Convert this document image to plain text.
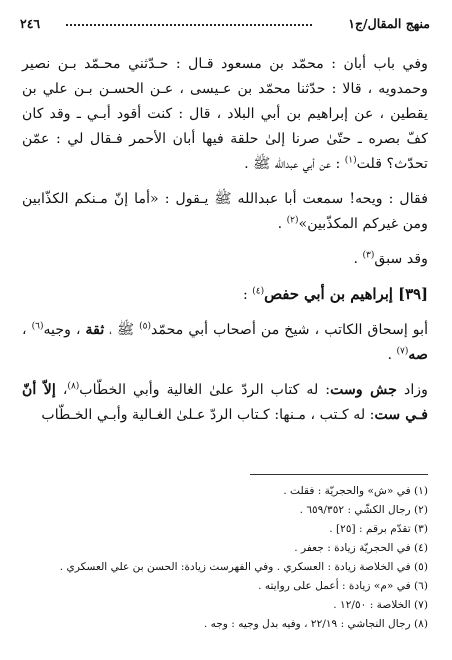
منهج المقال/ج١
٢٤٦

وفي باب أبان : محمّد بن مسعود قـال : حـدّثني محـمّد بـن نصير وحمدويه ، قالا : حدّثنا محمّد بن عـيسى ، عـن الحسـن بـن علي بن يقطين ، عن إبراهيم بن أبي البلاد ، قال : كنت أقود أبـي ـ وقد كان كفّ بصره ـ حتّىٰ صرنا إلىٰ حلقة فيها أبان الأحمر فـقال لي : عمّن تحدّث؟ قلت$^{(١)}$ : عن أبي عبدالله ﷺ .

فقال : ويحه! سمعت أبا عبدالله ﷺ يـقول : «أما إنّ مـنكم الكذّابين ومن غيركم المكذّبين»$^{(٢)}$ .

وقد سبق$^{(٣)}$ .

[٣٩] إبراهيم بن أبي حفص$^{(٤)}$ :

أبو إسحاق الكاتب ، شيخ من أصحاب أبي محمّد$^{(٥)}$ ﷺ ، ثقة ، وجيه$^{(٦)}$ ، صه$^{(٧)}$ .

وزاد جش وست: له كتاب الردّ علىٰ الغالية وأبي الخطّاب$^{(٨)}$، إلاّ أنّ فـي ست: له كـتب ، مـنها: كـتاب الردّ عـلىٰ الغـالية وأبـي الخـطّاب

(١) في «ش» والحجريّة : فقلت .
(٢) رجال الكشّي : ٦٥٩/٣٥٢ .
(٣) تقدّم برقم : [٢٥] .
(٤) في الحجريّة زيادة : جعفر .
(٥) في الخلاصة زيادة : العسكري . وفي الفهرست زيادة: الحسن بن علي العسكري .
(٦) في «م» زيادة : أعمل على روايته .
(٧) الخلاصة : ١٢/٥٠ .
(٨) رجال النجاشي : ٢٢/١٩ ، وفيه بدل وجيه : وجه .
